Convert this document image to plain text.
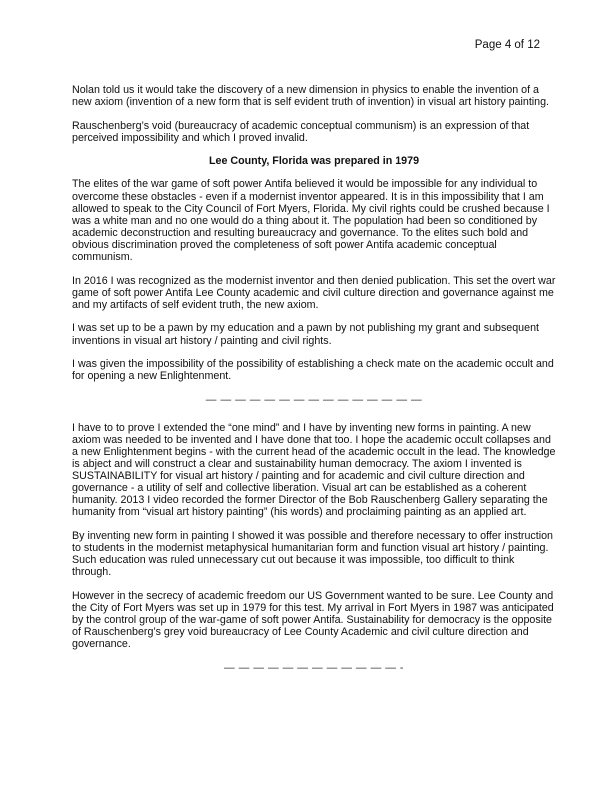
Page 4 of 12

Nolan told us it would take the discovery of a new dimension in physics to enable the invention of a new axiom (invention of a new form that is self evident truth of invention) in visual art history painting.

Rauschenberg’s void (bureaucracy of academic conceptual communism) is an expression of that perceived impossibility and which I proved invalid.

Lee County, Florida was prepared in 1979

The elites of the war game of soft power Antifa believed it would be impossible for any individual to overcome these obstacles - even if a modernist inventor appeared. It is in this impossibility that I am allowed to speak to the City Council of Fort Myers, Florida. My civil rights could be crushed because I was a white man and no one would do a thing about it. The population had been so conditioned by academic deconstruction and resulting bureaucracy and governance. To the elites such bold and obvious discrimination proved the completeness of soft power Antifa academic conceptual communism.

In 2016 I was recognized as the modernist inventor and then denied publication. This set the overt war game of soft power Antifa Lee County academic and civil culture direction and governance against me and my artifacts of self evident truth, the new axiom.

I was set up to be a pawn by my education and a pawn by not publishing my grant and subsequent inventions in visual art history / painting and civil rights.

I was given the impossibility of the possibility of establishing a check mate on the academic occult and for opening a new Enlightenment.

— — — — — — — — — — — — — — —

I have to to prove I extended the “one mind” and I have by inventing new forms in painting. A new axiom was needed to be invented and I have done that too. I hope the academic occult collapses and a new Enlightenment begins - with the current head of the academic occult in the lead. The knowledge is abject and will construct a clear and sustainability human democracy. The axiom I invented is SUSTAINABILITY for visual art history / painting and for academic and civil culture direction and governance - a utility of self and collective liberation. Visual art can be established as a coherent humanity. 2013 I video recorded the former Director of the Bob Rauschenberg Gallery separating the humanity from “visual art history painting” (his words) and proclaiming painting as an applied art.

By inventing new form in painting I showed it was possible and therefore necessary to offer instruction to students in the modernist metaphysical humanitarian form and function visual art history / painting. Such education was ruled unnecessary cut out because it was impossible, too difficult to think through.

However in the secrecy of academic freedom our US Government wanted to be sure. Lee County and the City of Fort Myers was set up in 1979 for this test. My arrival in Fort Myers in 1987 was anticipated by the control group of the war-game of soft power Antifa. Sustainability for democracy is the opposite of Rauschenberg’s grey void bureaucracy of Lee County Academic and civil culture direction and governance.

— — — — — — — — — — — — -
